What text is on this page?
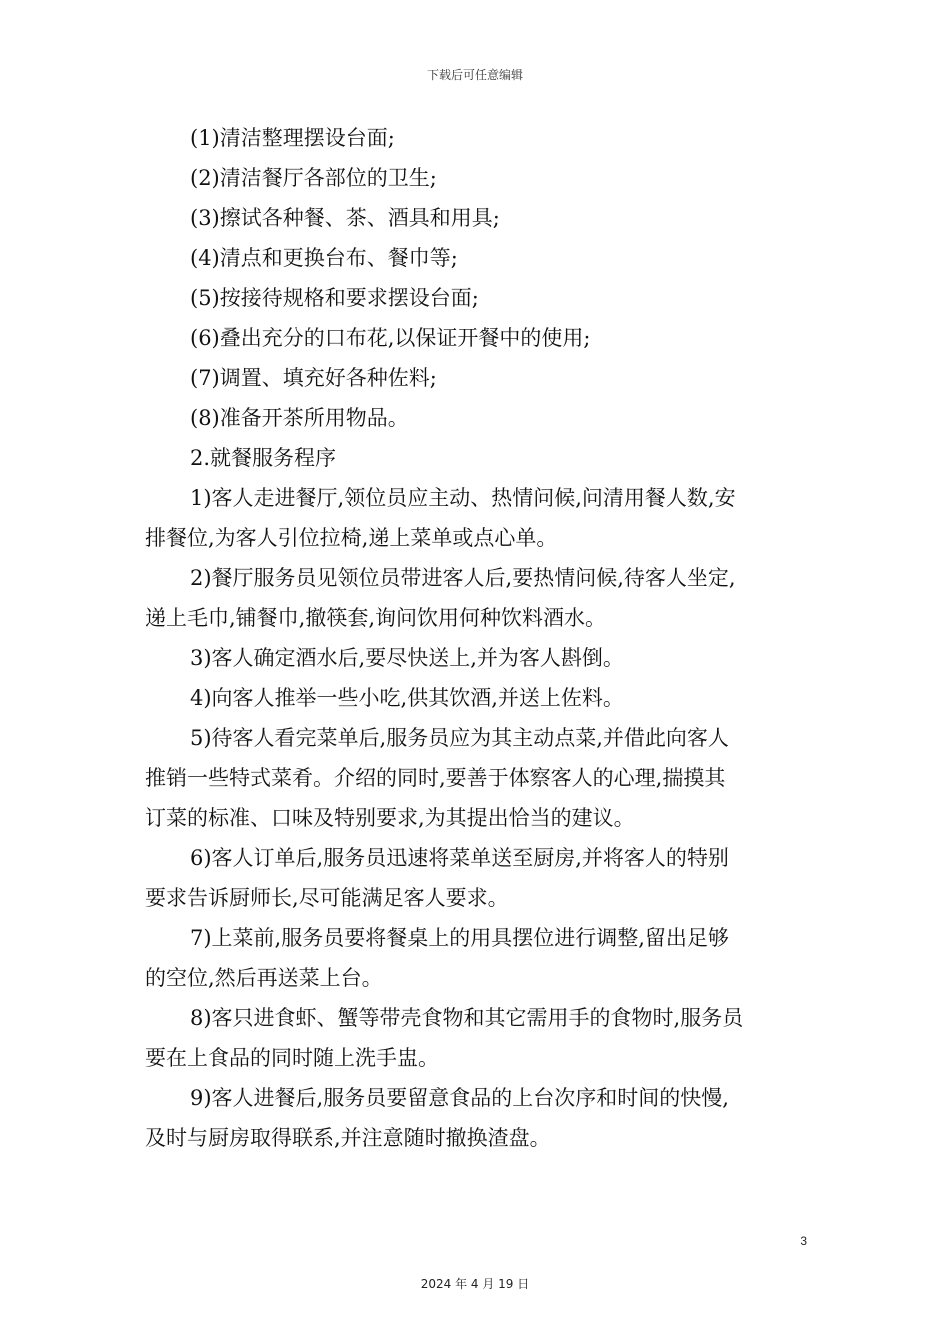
下载后可任意编辑
(1)清洁整理摆设台面;
(2)清洁餐厅各部位的卫生;
(3)擦试各种餐、茶、酒具和用具;
(4)清点和更换台布、餐巾等;
(5)按接待规格和要求摆设台面;
(6)叠出充分的口布花,以保证开餐中的使用;
(7)调置、填充好各种佐料;
(8)准备开茶所用物品。
2.就餐服务程序
1)客人走进餐厅,领位员应主动、热情问候,问清用餐人数,安
排餐位,为客人引位拉椅,递上菜单或点心单。
2)餐厅服务员见领位员带进客人后,要热情问候,待客人坐定,
递上毛巾,铺餐巾,撤筷套,询问饮用何种饮料酒水。
3)客人确定酒水后,要尽快送上,并为客人斟倒。
4)向客人推举一些小吃,供其饮酒,并送上佐料。
5)待客人看完菜单后,服务员应为其主动点菜,并借此向客人
推销一些特式菜肴。介绍的同时,要善于体察客人的心理,揣摸其
订菜的标准、口味及特别要求,为其提出恰当的建议。
6)客人订单后,服务员迅速将菜单送至厨房,并将客人的特别
要求告诉厨师长,尽可能满足客人要求。
7)上菜前,服务员要将餐桌上的用具摆位进行调整,留出足够
的空位,然后再送菜上台。
8)客只进食虾、蟹等带壳食物和其它需用手的食物时,服务员
要在上食品的同时随上洗手盅。
9)客人进餐后,服务员要留意食品的上台次序和时间的快慢,
及时与厨房取得联系,并注意随时撤换渣盘。
3
2024 年 4 月 19 日
